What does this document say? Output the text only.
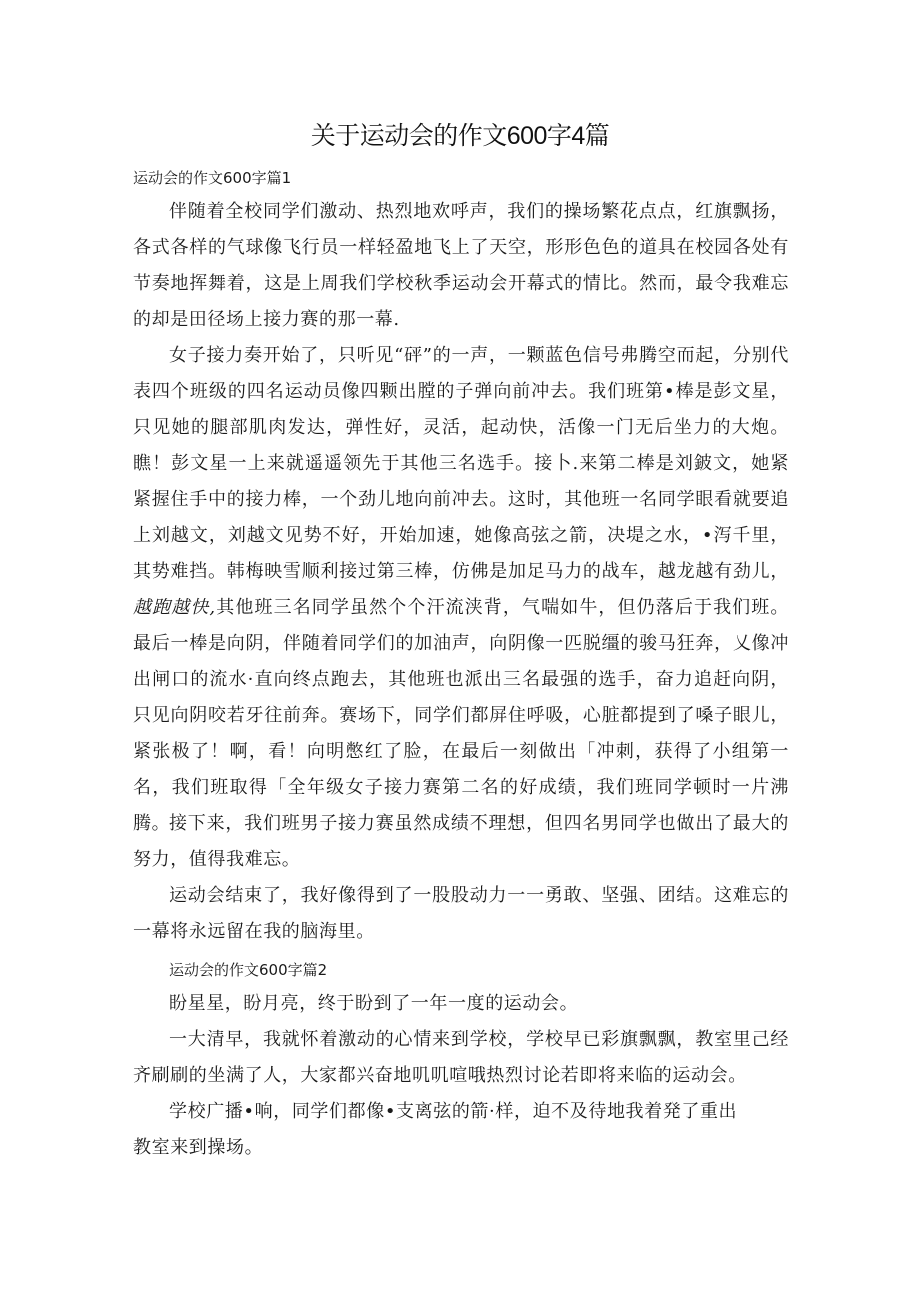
关于运动会的作文600字4篇

运动会的作文600字篇1

伴随着全校同学们激动、热烈地欢呼声，我们的操场繁花点点，红旗飘扬，各式各样的气球像飞行员一样轻盈地飞上了天空，形形色色的道具在校园各处有节奏地挥舞着，这是上周我们学校秋季运动会开幕式的情比。然而，最令我难忘的却是田径场上接力赛的那一幕.

女子接力奏开始了，只听见“砰”的一声，一颗蓝色信号弗腾空而起，分别代表四个班级的四名运动员像四颗出膛的子弹向前冲去。我们班第•棒是彭文星，只见她的腿部肌肉发达，弹性好，灵活，起动快，活像一门无后坐力的大炮。瞧！彭文星一上来就遥遥领先于其他三名选手。接卜.来第二棒是刘鈹文，她紧紧握住手中的接力棒，一个劲儿地向前冲去。这时，其他班一名同学眼看就要追上刘越文，刘越文见势不好，开始加速，她像高弦之箭，决堤之水，•泻千里，其势难挡。韩梅映雪顺利接过第三棒，仿佛是加足马力的战车，越龙越有劲儿，越跑越快,其他班三名同学虽然个个汗流浃背，气喘如牛，但仍落后于我们班。最后一棒是向阴，伴随着同学们的加油声，向阴像一匹脱缰的骏马狂奔，乂像冲出闸口的流水·直向终点跑去，其他班也派出三名最强的选手，奋力追赶向阴，只见向阴咬若牙往前奔。赛场下，同学们都屏住呼吸，心脏都提到了嗓子眼儿，紧张极了！啊，看！向明憋红了脸，在最后一刻做出「冲刺，获得了小组第一名，我们班取得「全年级女子接力赛第二名的好成绩，我们班同学顿时一片沸腾。

接下来，我们班男子接力赛虽然成绩不理想，但四名男同学也做出了最大的努力，值得我难忘。

运动会结束了，我好像得到了一股股动力一一勇敢、坚强、团结。这难忘的一幕将永远留在我的脑海里。

运动会的作文600字篇2

盼星星，盼月亮，终于盼到了一年一度的运动会。

一大清早，我就怀着激动的心情来到学校，学校早已彩旗飘飘，教室里己经齐刷刷的坐满了人，大家都兴奋地叽叽喧哦热烈讨论若即将来临的运动会。

学校广播•响，同学们都像•支离弦的箭·样，迫不及待地我着発了重出
教室来到操场。
